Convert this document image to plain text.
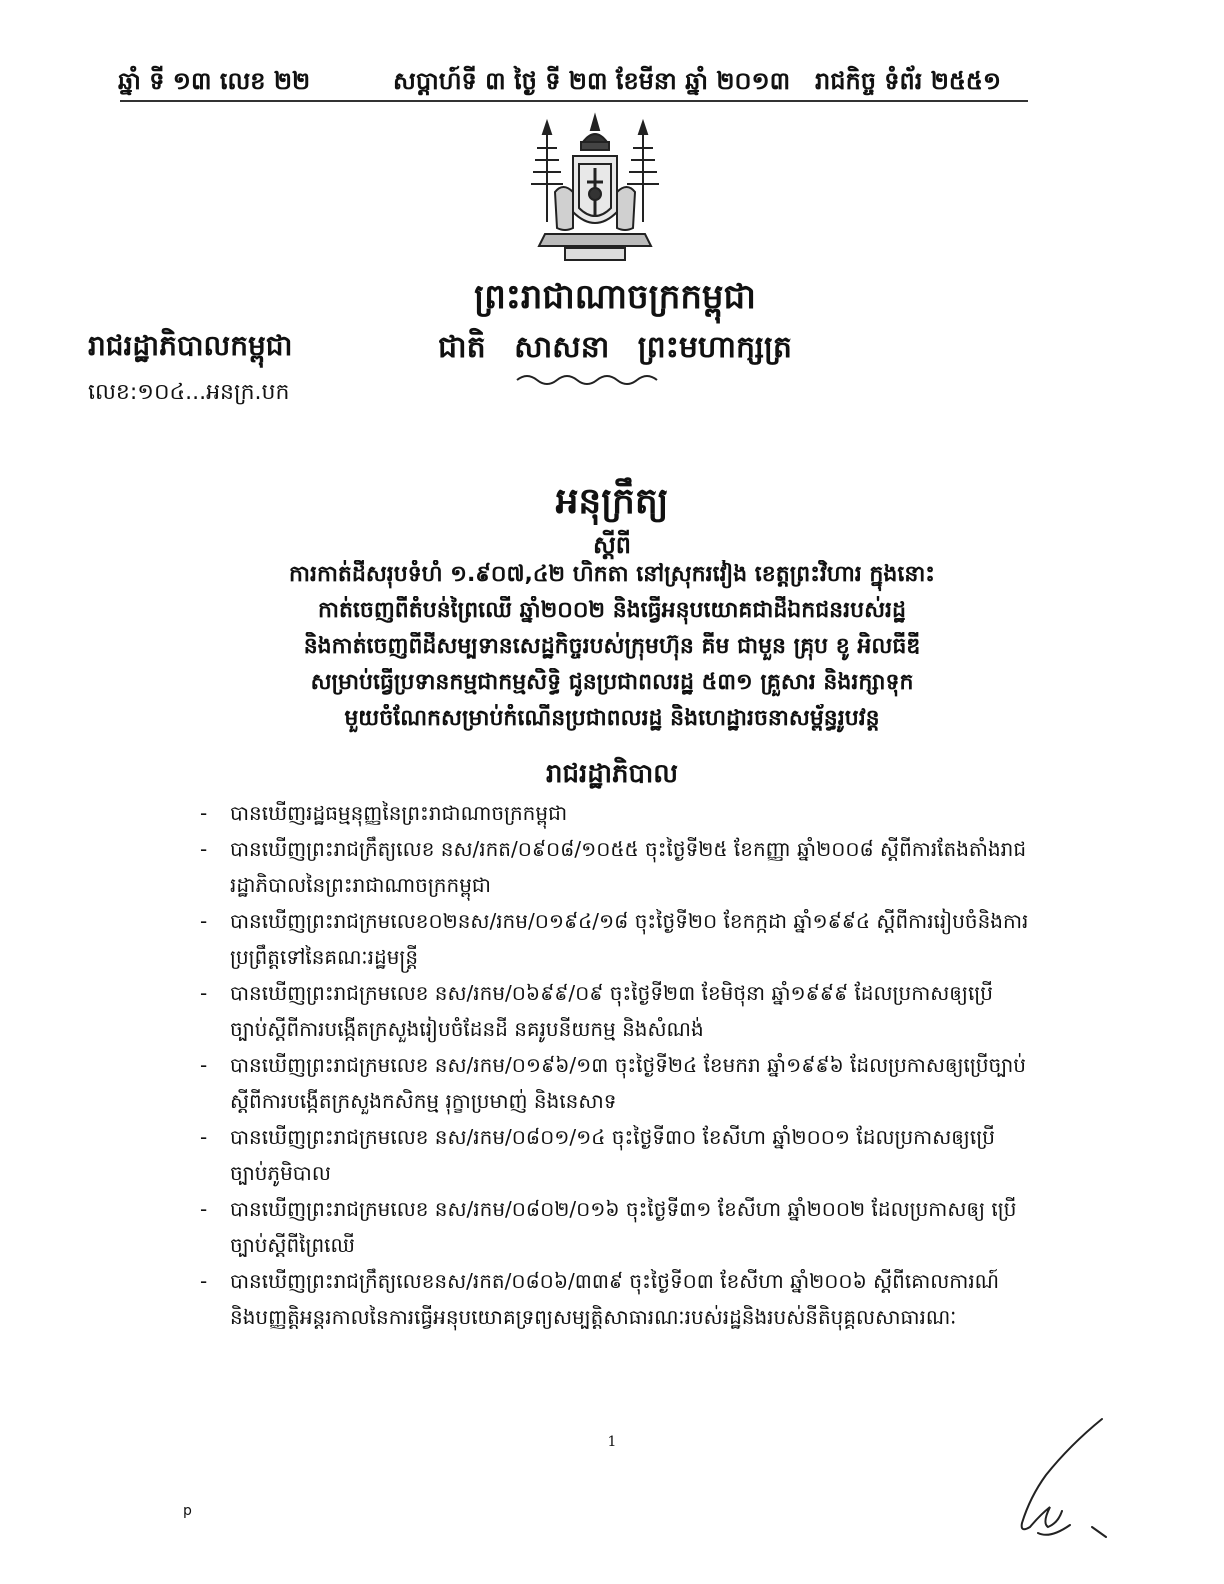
ឆ្នាំ ទី ១៣ លេខ ២២	សប្តាហ៍ទី ៣ ថ្ងៃ ទី ២៣ ខែមីនា ឆ្នាំ ២០១៣ រាជកិច្ច ទំព័រ ២៥៥១
ព្រះរាជាណាចក្រកម្ពុជា
ជាតិ សាសនា ព្រះមហាក្សត្រ
រាជរដ្ឋាភិបាលកម្ពុជា
លេខ:១០៤...អនក្រ.បក
អនុក្រឹត្យ
ស្តីពី
ការកាត់ដីសរុបទំហំ ១.៩០៧,៤២ ហិកតា នៅស្រុករវៀង ខេត្តព្រះវិហារ ក្នុងនោះ
កាត់ចេញពីតំបន់ព្រៃឈើ ឆ្នាំ២០០២ និងធ្វើអនុបយោគជាដីឯកជនរបស់រដ្ឋ
និងកាត់ចេញពីដីសម្បទានសេដ្ឋកិច្ចរបស់ក្រុមហ៊ុន គីម ជាមួន គ្រុប ខូ អិលធីឌី
សម្រាប់ធ្វើប្រទានកម្មជាកម្មសិទ្ធិ ជូនប្រជាពលរដ្ឋ ៥៣១ គ្រួសារ និងរក្សាទុក
មួយចំណែកសម្រាប់កំណើនប្រជាពលរដ្ឋ និងហេដ្ឋារចនាសម្ព័ន្ធរូបវន្ត
រាជរដ្ឋាភិបាល
- បានឃើញរដ្ឋធម្មនុញ្ញនៃព្រះរាជាណាចក្រកម្ពុជា
- បានឃើញព្រះរាជក្រឹត្យលេខ នស/រកត/០៩០៨/១០៥៥ ចុះថ្ងៃទី២៥ ខែកញ្ញា ឆ្នាំ២០០៨ ស្តីពីការតែងតាំងរាជរដ្ឋាភិបាលនៃព្រះរាជាណាចក្រកម្ពុជា
- បានឃើញព្រះរាជក្រមលេខ០២នស/រកម/០១៩៤/១៨ ចុះថ្ងៃទី២០ ខែកក្កដា ឆ្នាំ១៩៩៤ ស្តីពីការរៀបចំនិងការប្រព្រឹត្តទៅនៃគណៈរដ្ឋមន្ត្រី
- បានឃើញព្រះរាជក្រមលេខ នស/រកម/០៦៩៩/០៩ ចុះថ្ងៃទី២៣ ខែមិថុនា ឆ្នាំ១៩៩៩ ដែលប្រកាសឲ្យប្រើច្បាប់ស្តីពីការបង្កើតក្រសួងរៀបចំដែនដី នគរូបនីយកម្ម និងសំណង់
- បានឃើញព្រះរាជក្រមលេខ នស/រកម/០១៩៦/១៣ ចុះថ្ងៃទី២៤ ខែមករា ឆ្នាំ១៩៩៦ ដែលប្រកាសឲ្យប្រើច្បាប់ ស្តីពីការបង្កើតក្រសួងកសិកម្ម រុក្ខាប្រមាញ់ និងនេសាទ
- បានឃើញព្រះរាជក្រមលេខ នស/រកម/០៨០១/១៤ ចុះថ្ងៃទី៣០ ខែសីហា ឆ្នាំ២០០១ ដែលប្រកាសឲ្យប្រើច្បាប់ភូមិបាល
- បានឃើញព្រះរាជក្រមលេខ នស/រកម/០៨០២/០១៦ ចុះថ្ងៃទី៣១ ខែសីហា ឆ្នាំ២០០២ ដែលប្រកាសឲ្យ ប្រើច្បាប់ស្តីពីព្រៃឈើ
- បានឃើញព្រះរាជក្រឹត្យលេខនស/រកត/០៨០៦/៣៣៩ ចុះថ្ងៃទី០៣ ខែសីហា ឆ្នាំ២០០៦ ស្តីពីគោលការណ៍ និងបញ្ញត្តិអន្តរកាលនៃការធ្វើអនុបយោគទ្រព្យសម្បត្តិសាធារណៈរបស់រដ្ឋនិងរបស់នីតិបុគ្គលសាធារណៈ
1
p
